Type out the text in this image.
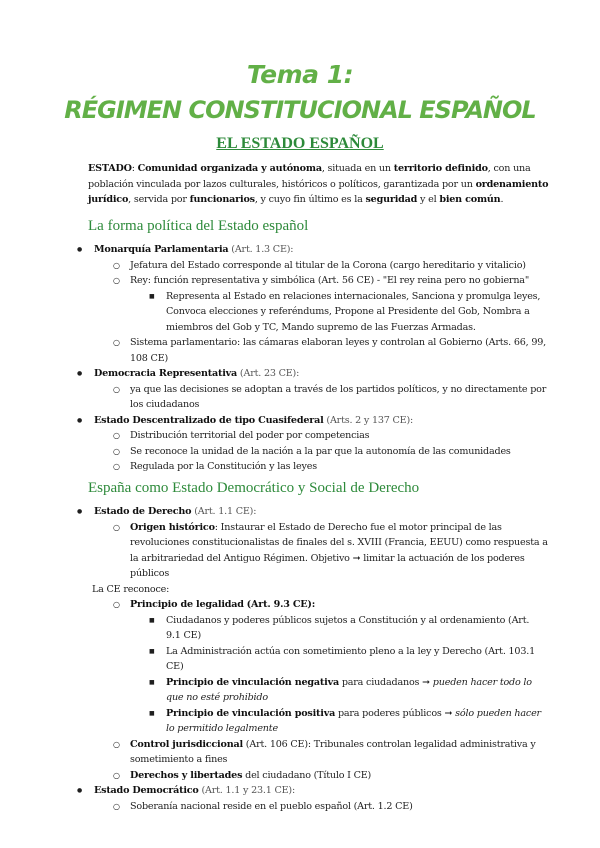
Tema 1:
RÉGIMEN CONSTITUCIONAL ESPAÑOL
EL ESTADO ESPAÑOL

ESTADO: Comunidad organizada y autónoma, situada en un territorio definido, con una población vinculada por lazos culturales, históricos o políticos, garantizada por un ordenamiento jurídico, servida por funcionarios, y cuyo fin último es la seguridad y el bien común.

La forma política del Estado español

● Monarquía Parlamentaria (Art. 1.3 CE):

○ Jefatura del Estado corresponde al titular de la Corona (cargo hereditario y vitalicio)

○ Rey: función representativa y simbólica (Art. 56 CE) - "El rey reina pero no gobierna"

■ Representa al Estado en relaciones internacionales, Sanciona y promulga leyes, Convoca elecciones y referéndums, Propone al Presidente del Gob, Nombra a miembros del Gob y TC, Mando supremo de las Fuerzas Armadas.

○ Sistema parlamentario: las cámaras elaboran leyes y controlan al Gobierno (Arts. 66, 99, 108 CE)

● Democracia Representativa (Art. 23 CE):

○ ya que las decisiones se adoptan a través de los partidos políticos, y no directamente por los ciudadanos

● Estado Descentralizado de tipo Cuasifederal (Arts. 2 y 137 CE):

○ Distribución territorial del poder por competencias

○ Se reconoce la unidad de la nación a la par que la autonomía de las comunidades

○ Regulada por la Constitución y las leyes

España como Estado Democrático y Social de Derecho

● Estado de Derecho (Art. 1.1 CE):

○ Origen histórico: Instaurar el Estado de Derecho fue el motor principal de las revoluciones constitucionalistas de finales del s. XVIII (Francia, EEUU) como respuesta a la arbitrariedad del Antiguo Régimen. Objetivo ➞ limitar la actuación de los poderes públicos

La CE reconoce:

○ Principio de legalidad (Art. 9.3 CE):

■ Ciudadanos y poderes públicos sujetos a Constitución y al ordenamiento (Art. 9.1 CE)

■ La Administración actúa con sometimiento pleno a la ley y Derecho (Art. 103.1 CE)

■ Principio de vinculación negativa para ciudadanos ➞ pueden hacer todo lo que no esté prohibido

■ Principio de vinculación positiva para poderes públicos ➞ sólo pueden hacer lo permitido legalmente

○ Control jurisdiccional (Art. 106 CE): Tribunales controlan legalidad administrativa y sometimiento a fines

○ Derechos y libertades del ciudadano (Título I CE)

● Estado Democrático (Art. 1.1 y 23.1 CE):

○ Soberanía nacional reside en el pueblo español (Art. 1.2 CE)
